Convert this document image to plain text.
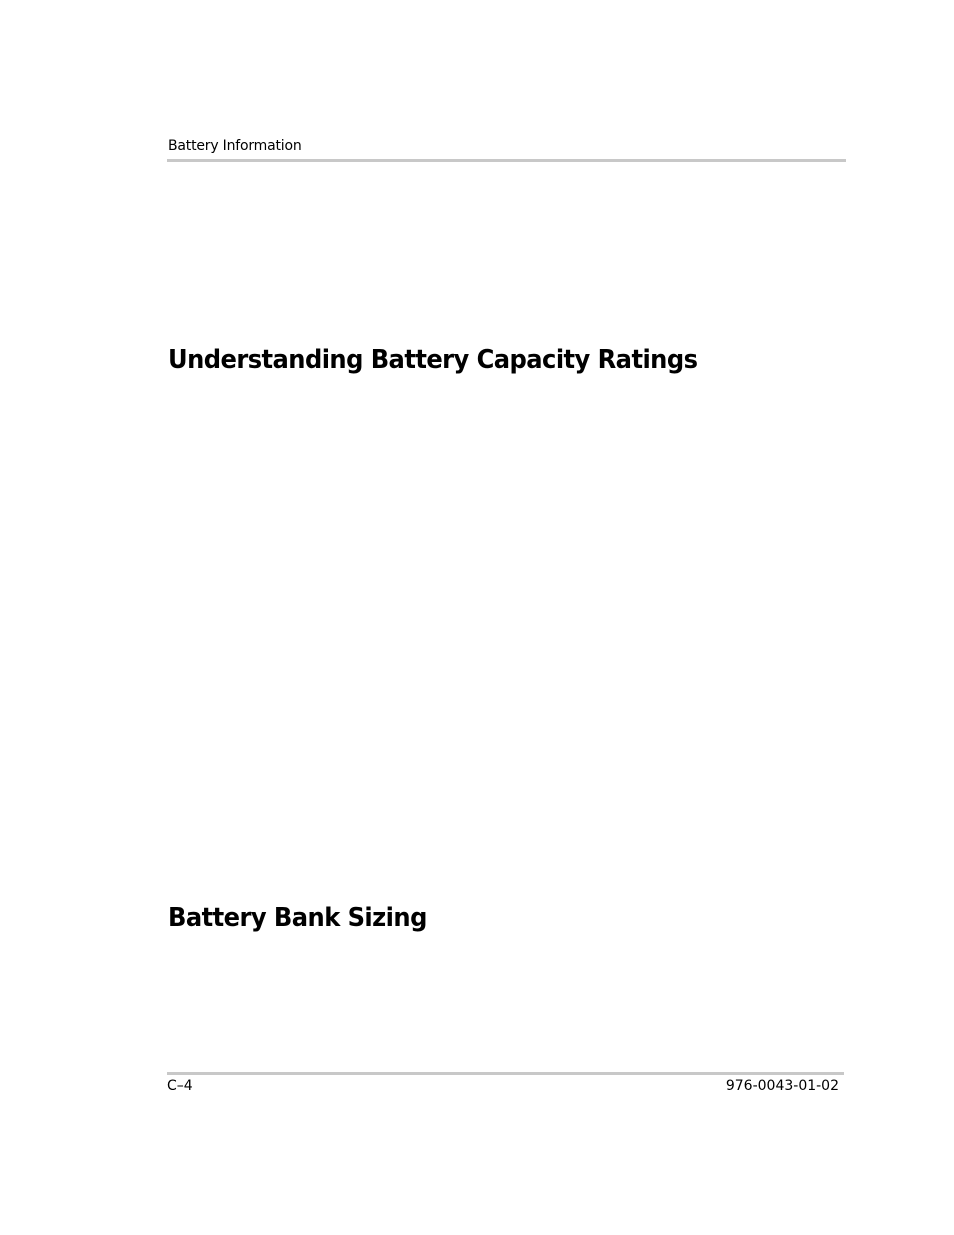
Battery Information
Understanding Battery Capacity Ratings
Battery Bank Sizing
C–4	976-0043-01-02
